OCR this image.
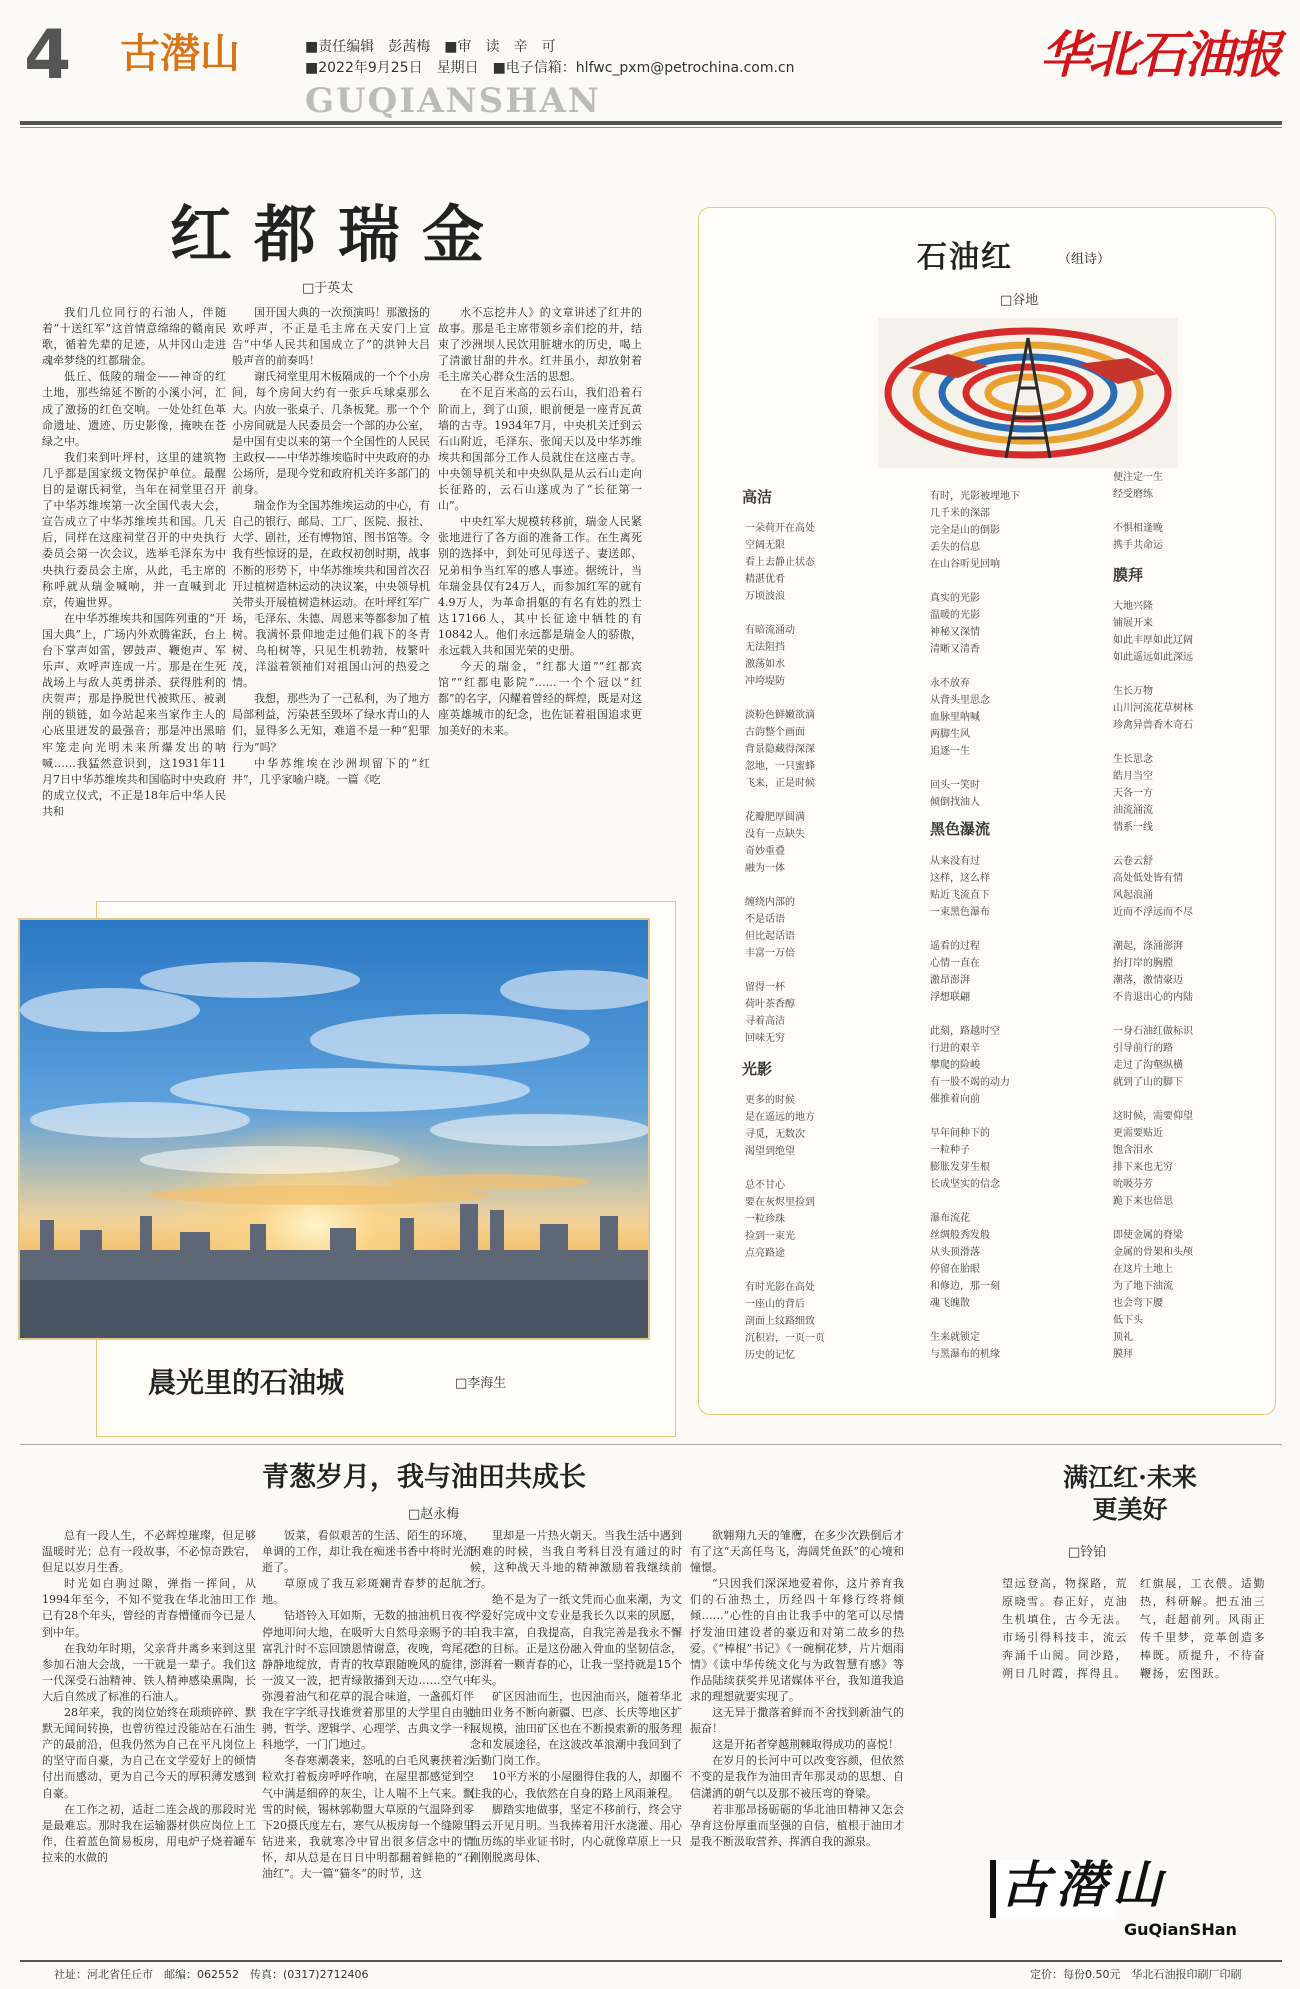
4 古潜山	■责任编辑　彭茜梅　■审　读　辛　可
■2022年9月25日　星期日　■电子信箱：hlfwc_pxm@petrochina.com.cn
GUQIANSHAN
华北石油报
红都瑞金
□于英太

我们几位同行的石油人，伴随着“十送红军”这首情意绵绵的赣南民歌，循着先辈的足迹，从井冈山走进魂牵梦绕的红都瑞金。

低丘、低陵的瑞金——神奇的红土地，那些绵延不断的小溪小河，汇成了激扬的红色交响。一处处红色革命遗址、遗迹、历史影像，掩映在苍绿之中。

我们来到叶坪村，这里的建筑物几乎都是国家级文物保护单位。最醒目的是谢氏祠堂，当年在祠堂里召开了中华苏维埃第一次全国代表大会，宣告成立了中华苏维埃共和国。几天后，同样在这座祠堂召开的中央执行委员会第一次会议，选举毛泽东为中央执行委员会主席，从此，毛主席的称呼就从瑞金喊响，并一直喊到北京，传遍世界。

在中华苏维埃共和国阵列重的“开国大典”上，广场内外欢腾雀跃，台上台下掌声如雷，锣鼓声、鞭炮声、军乐声、欢呼声连成一片。那是在生死战场上与敌人英勇拼杀、获得胜利的庆贺声；那是挣脱世代被欺压、被剥削的锁链，如今站起来当家作主人的心底里迸发的最强音；那是冲出黑暗牢笼走向光明未来所爆发出的呐喊……我猛然意识到，这1931年11月7日中华苏维埃共和国临时中央政府的成立仪式，不正是18年后中华人民共和

国开国大典的一次预演吗！那激扬的欢呼声，不正是毛主席在天安门上宣告“中华人民共和国成立了”的洪钟大吕般声音的前奏吗！

谢氏祠堂里用木板隔成的一个个小房间，每个房间大约有一张乒乓球桌那么大。内放一张桌子、几条板凳。那一个个小房间就是人民委员会一个部的办公室，是中国有史以来的第一个全国性的人民民主政权——中华苏维埃临时中央政府的办公场所，是现今党和政府机关许多部门的前身。

瑞金作为全国苏维埃运动的中心，有自己的银行、邮局、工厂、医院、报社、大学、剧社，还有博物馆、图书馆等。令我有些惊讶的是，在政权初创时期，战事不断的形势下，中华苏维埃共和国首次召开过植树造林运动的决议案，中央领导机关带头开展植树造林运动。在叶坪红军广场，毛泽东、朱德、周恩来等都参加了植树。我满怀景仰地走过他们栽下的冬青树、乌桕树等，只见生机勃勃，枝繁叶茂，洋溢着领袖们对祖国山河的热爱之情。

我想，那些为了一己私利，为了地方局部利益，污染甚至毁坏了绿水青山的人们，显得多么无知，难道不是一种“犯罪行为”吗？

中华苏维埃在沙洲坝留下的“红井”，几乎家喻户晓。一篇《吃

水不忘挖井人》的文章讲述了红井的故事。那是毛主席带领乡亲们挖的井，结束了沙洲坝人民饮用脏塘水的历史，喝上了清澈甘甜的井水。红井虽小，却放射着毛主席关心群众生活的思想。

在不足百米高的云石山，我们沿着石阶而上，到了山顶，眼前便是一座青瓦黄墙的古寺。1934年7月，中央机关迁到云石山附近，毛泽东、张闻天以及中华苏维埃共和国部分工作人员就住在这座古寺。中央领导机关和中央纵队是从云石山走向长征路的，云石山遂成为了“长征第一山”。

中央红军大规模转移前，瑞金人民紧张地进行了各方面的准备工作。在生离死别的选择中，到处可见母送子、妻送郎、兄弟相争当红军的感人事迹。据统计，当年瑞金县仅有24万人，而参加红军的就有4.9万人，为革命捐躯的有名有姓的烈士达17166人，其中长征途中牺牲的有10842人。他们永远都是瑞金人的骄傲，永远载入共和国光荣的史册。

今天的瑞金，“红都大道”“红都宾馆”“红都电影院”……一个个冠以“红都”的名字，闪耀着曾经的辉煌，既是对这座英雄城市的纪念，也佐证着祖国追求更加美好的未来。

晨光里的石油城	□李海生
石油红	（组诗）
□谷地
高洁
一朵荷开在高处
空阔无限
看上去静止状态
精湛优肴
万顷波浪

有暗流涌动
无法阻挡
激荡如水
冲垮堤防

淡粉色鲜嫩欲滴
古韵整个画面
背景隐藏得深深
忽地，一只蜜蜂
飞来，正是时候

花瓣肥厚圆满
没有一点缺失
奇妙重叠
融为一体

缠绕内部的
不是话语
但比起话语
丰富一万倍

留得一杯
荷叶茶香醇
寻着高洁
回味无穷
光影
更多的时候
是在遥远的地方
寻觅，无数次
渴望到绝望

总不甘心
要在灰烬里捡到
一粒珍珠
捡到一束光
点亮路途

有时光影在高处
一座山的背后
剖面上纹路细致
沉积岩，一页一页
历史的记忆
有时，光影被埋地下
几千米的深部
完全是山的倒影
丢失的信息
在山谷听见回响

真实的光影
温暖的光影
神秘又深情
清晰又清香

永不放弃
从背头里思念
血脉里呐喊
两脚生风
追逐一生

回头一笑时
倾倒找油人
黑色瀑流
从来没有过
这样，这么样
贴近飞流直下
一束黑色瀑布

遥看的过程
心情一直在
激昂澎湃
浮想联翩

此刻，路越时空
行进的艰辛
攀爬的险峻
有一股不竭的动力
催推着向前

早年间种下的
一粒种子
膨胀发芽生根
长成坚实的信念

瀑布流花
丝绸般秀发般
从头顶滑落
停留在胎眼
和修边，那一刻
魂飞魄散

生来就锁定
与黑瀑布的机缘
便注定一生
经受磨练

不惧相逢晚
携手共命运
膜拜
大地兴隆
铺展开来
如此丰厚如此辽阔
如此遥远如此深远

生长万物
山川河流花草树林
珍禽异兽香木奇石

生长思念
皓月当空
天各一方
油流涌流
情系一线

云卷云舒
高处低处皆有情
风起浪涌
近而不浮远而不尽

潮起，涤涌澎湃
抬打岸的胸膛
潮落，激情豪迈
不肯退出心的内陆

一身石油红做标识
引导前行的路
走过了沟壑纵横
就到了山的脚下

这时候，需要仰望
更需要贴近
饱含泪水
排下来也无穷
吮吸芬芳
跪下来也倍思

即使金属的脊梁
金属的骨架和头颅
在这片土地上
为了地下油流
也会弯下腰
低下头
顶礼
膜拜
青葱岁月，我与油田共成长
□赵永梅

总有一段人生，不必辉煌璀璨，但足够温暖时光；总有一段故事，不必惊奇跌宕，但足以岁月生香。

时光如白驹过隙，弹指一挥间，从1994年至今，不知不觉我在华北油田工作已有28个年头，曾经的青春懵懂而今已是人到中年。

在我幼年时期，父亲背井离乡来到这里参加石油大会战，一干就是一辈子。我们这一代深受石油精神、铁人精神感染熏陶，长大后自然成了标准的石油人。

28年来，我的岗位始终在琐琐碎碎、默默无闻间转换，也曾彷徨过没能站在石油生产的最前沿，但我仍然为自己在平凡岗位上的坚守而自豪，为自己在文学爱好上的倾情付出而感动，更为自己今天的厚积薄发感到自豪。

在工作之初，适赶二连会战的那段时光是最难忘。那时我在运输器材供应岗位上工作，住着蓝色简易板房，用电炉子烧着罐车拉来的水做的

饭菜，看似艰苦的生活、陌生的环境、单调的工作，却让我在痴迷书香中将时光流逝了。

草原成了我互彩斑斓青春梦的起航之地。

钻塔铃入耳如斯，无数的抽油机日夜不停地叩问大地，在吸听大自然母亲赐予的丰富乳汁时不忘回馈恩情谢意，夜晚，弯尾花静静地绽放，青青的牧草跟随晚风的旋律，一波又一波，把青绿散播到天边……空气中弥漫着油气和花草的混合味道，一盏孤灯伴我在字字纸寻找谁赏着那里的大学里自由驰骋，哲学、逻辑学、心理学、古典文学一科科地学，一门门地过。

冬春寒潮袭来，怒吼的白毛风裹挟着沙粒欢打着板房呼呼作响，在屋里都感觉到空气中满是细碎的灰尘，让人喘不上气来。飘雪的时候，锡林郭勒盟大草原的气温降到零下20摄氏度左右，寒气从板房每一个缝隙里钻进来，我就寒冷中冒出很多信念中的情怀，却从总是在日日中明都翻着鲜艳的“石油红”。大一篇“猫冬”的时节，这

里却是一片热火朝天。当我生活中遇到困难的时候，当我自考科目没有通过的时候，这种战天斗地的精神激励着我继续前行。

绝不是为了一纸文凭而心血来潮，为文学爱好完成中文专业是我长久以来的夙愿，自我丰富，自我提高，自我完善是我永不懈怠的目标。正是这份融入骨血的坚韧信念，澎湃着一颗青春的心，让我一坚持就是15个年头。

矿区因油而生，也因油而兴，随着华北油田业务不断向新疆、巴彦、长庆等地区扩展规模，油田矿区也在不断摸索新的服务理念和发展途径，在这波改革浪潮中我回到了后勤门岗工作。

10平方米的小屋圈得住我的人，却圈不住我的心，我依然在自身的路上风雨兼程。

脚踏实地做事，坚定不移前行，终会守得云开见月明。当我捧着用汗水浇灌、用心血历练的毕业证书时，内心就像草原上一只刚刚脱离母体、

欲翱翔九天的雏鹰，在多少次跌倒后才有了这“天高任鸟飞，海阔凭鱼跃”的心境和憧憬。

“只因我们深深地爱着你，这片养育我们的石油热土，历经四十年修行终将倾倾……”心性的自由让我手中的笔可以尽情抒发油田建设者的豪迈和对第二故乡的热爱。《“棒棍”书记》《一碗桐花梦，片片烟雨情》《读中华传统文化与为政智慧有感》等作品陆续获奖并见诸媒体平台，我知道我追求的理想就要实现了。

这无异于撒落着鲜而不舍找到新油气的振奋！

这是开拓者穿越荆棘取得成功的喜悦！

在岁月的长河中可以改变容颜，但依然不变的是我作为油田青年那灵动的思想、自信潇洒的朝气以及那不被压弯的脊梁。

若非那昂扬砺砺的华北油田精神又怎会孕育这份厚重而坚强的自信，植根于油田才是我不断汲取营养、挥洒自我的源泉。

满江红·未来
更美好
□铃铂
望远登高，物探路，荒原晓雪。春正好，克油生机填住，古今无法。市场引得科技丰，流云奔涌千山阅。同沙路，朔日几时霞，挥得且。
红旗展，工衣偎。适勤热，科研解。把五油三气，赶超前列。风雨正传千里梦，竞革创造多棒既。质提升，不待奋鞭扬，宏图跃。
古潜山
GuQianSHan
社址：河北省任丘市　邮编：062552　传真：(0317)2712406	定价：每份0.50元　华北石油报印刷厂印刷
